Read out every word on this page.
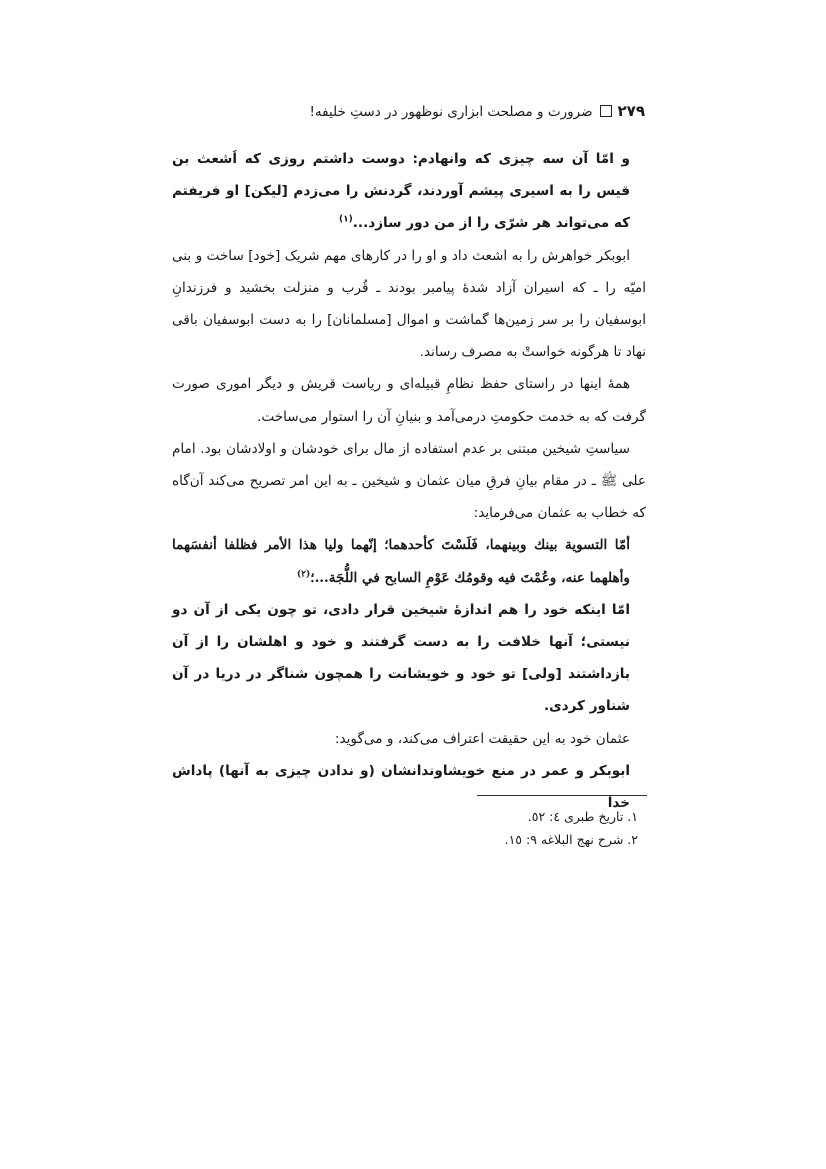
۲۷۹ضرورت و مصلحت ابزاری نوظهور در دستِ خلیفه!

و امّا آن سه چیزی که وانهادم: دوست داشتم روزی که اَشعث بن قیس را به اسیری پیشم آوردند، گردنش را می‌زدم [لیکن] او فریفتم که می‌تواند هر شرّی را از من دور سازد...$^{(۱)}$

ابوبکر خواهرش را به اشعث داد و او را در کارهای مهم شریک [خود] ساخت و بنی امیّه را ـ که اسیران آزاد شدهٔ پیامبر بودند ـ قُرب و منزلت بخشید و فرزندانِ ابوسفیان را بر سر زمین‌ها گماشت و اموال [مسلمانان] را به دست ابوسفیان باقی نهاد تا هرگونه خواستْ به مصرف رساند.

همهٔ اینها در راستای حفظ نظامِ قبیله‌ای و ریاست قریش و دیگر اموری صورت گرفت که به خدمت حکومتِ درمی‌آمد و بنیانِ آن را استوار می‌ساخت.

سیاستِ شیخین مبتنی بر عدم استفاده از مال برای خودشان و اولادشان بود. امام علی ﷺ ـ در مقام بیانِ فرقِ میان عثمان و شیخین ـ به این امر تصریح می‌کند آن‌گاه که خطاب به عثمان می‌فرماید:

أمّا التسوية بينك وبينهما، فَلَسْتَ كأحدهما؛ إنّهما وليا هذا الأمر فظلفا أنفسَهما وأهلهما عنه، وعُمْتَ فيه وقومُك عَوْمِ السابح في اللُّجَة...؛$^{(۲)}$

امّا اینکه خود را هم اندازهٔ شیخین قرار دادی، تو چون یکی از آن دو نیستی؛ آنها خلافت را به دست گرفتند و خود و اهلشان را از آن بازداشتند [ولی] تو خود و خویشانت را همچون شناگر در دریا در آن شناور کردی.

عثمان خود به این حقیقت اعتراف می‌کند، و می‌گوید:

ابوبکر و عمر در منع خویشاوندانشان (و ندادن چیزی به آنها) پاداش خدا

۱. تاریخ طبری ٤: ٥٢.
۲. شرح نهج البلاغه ۹: ۱٥.
